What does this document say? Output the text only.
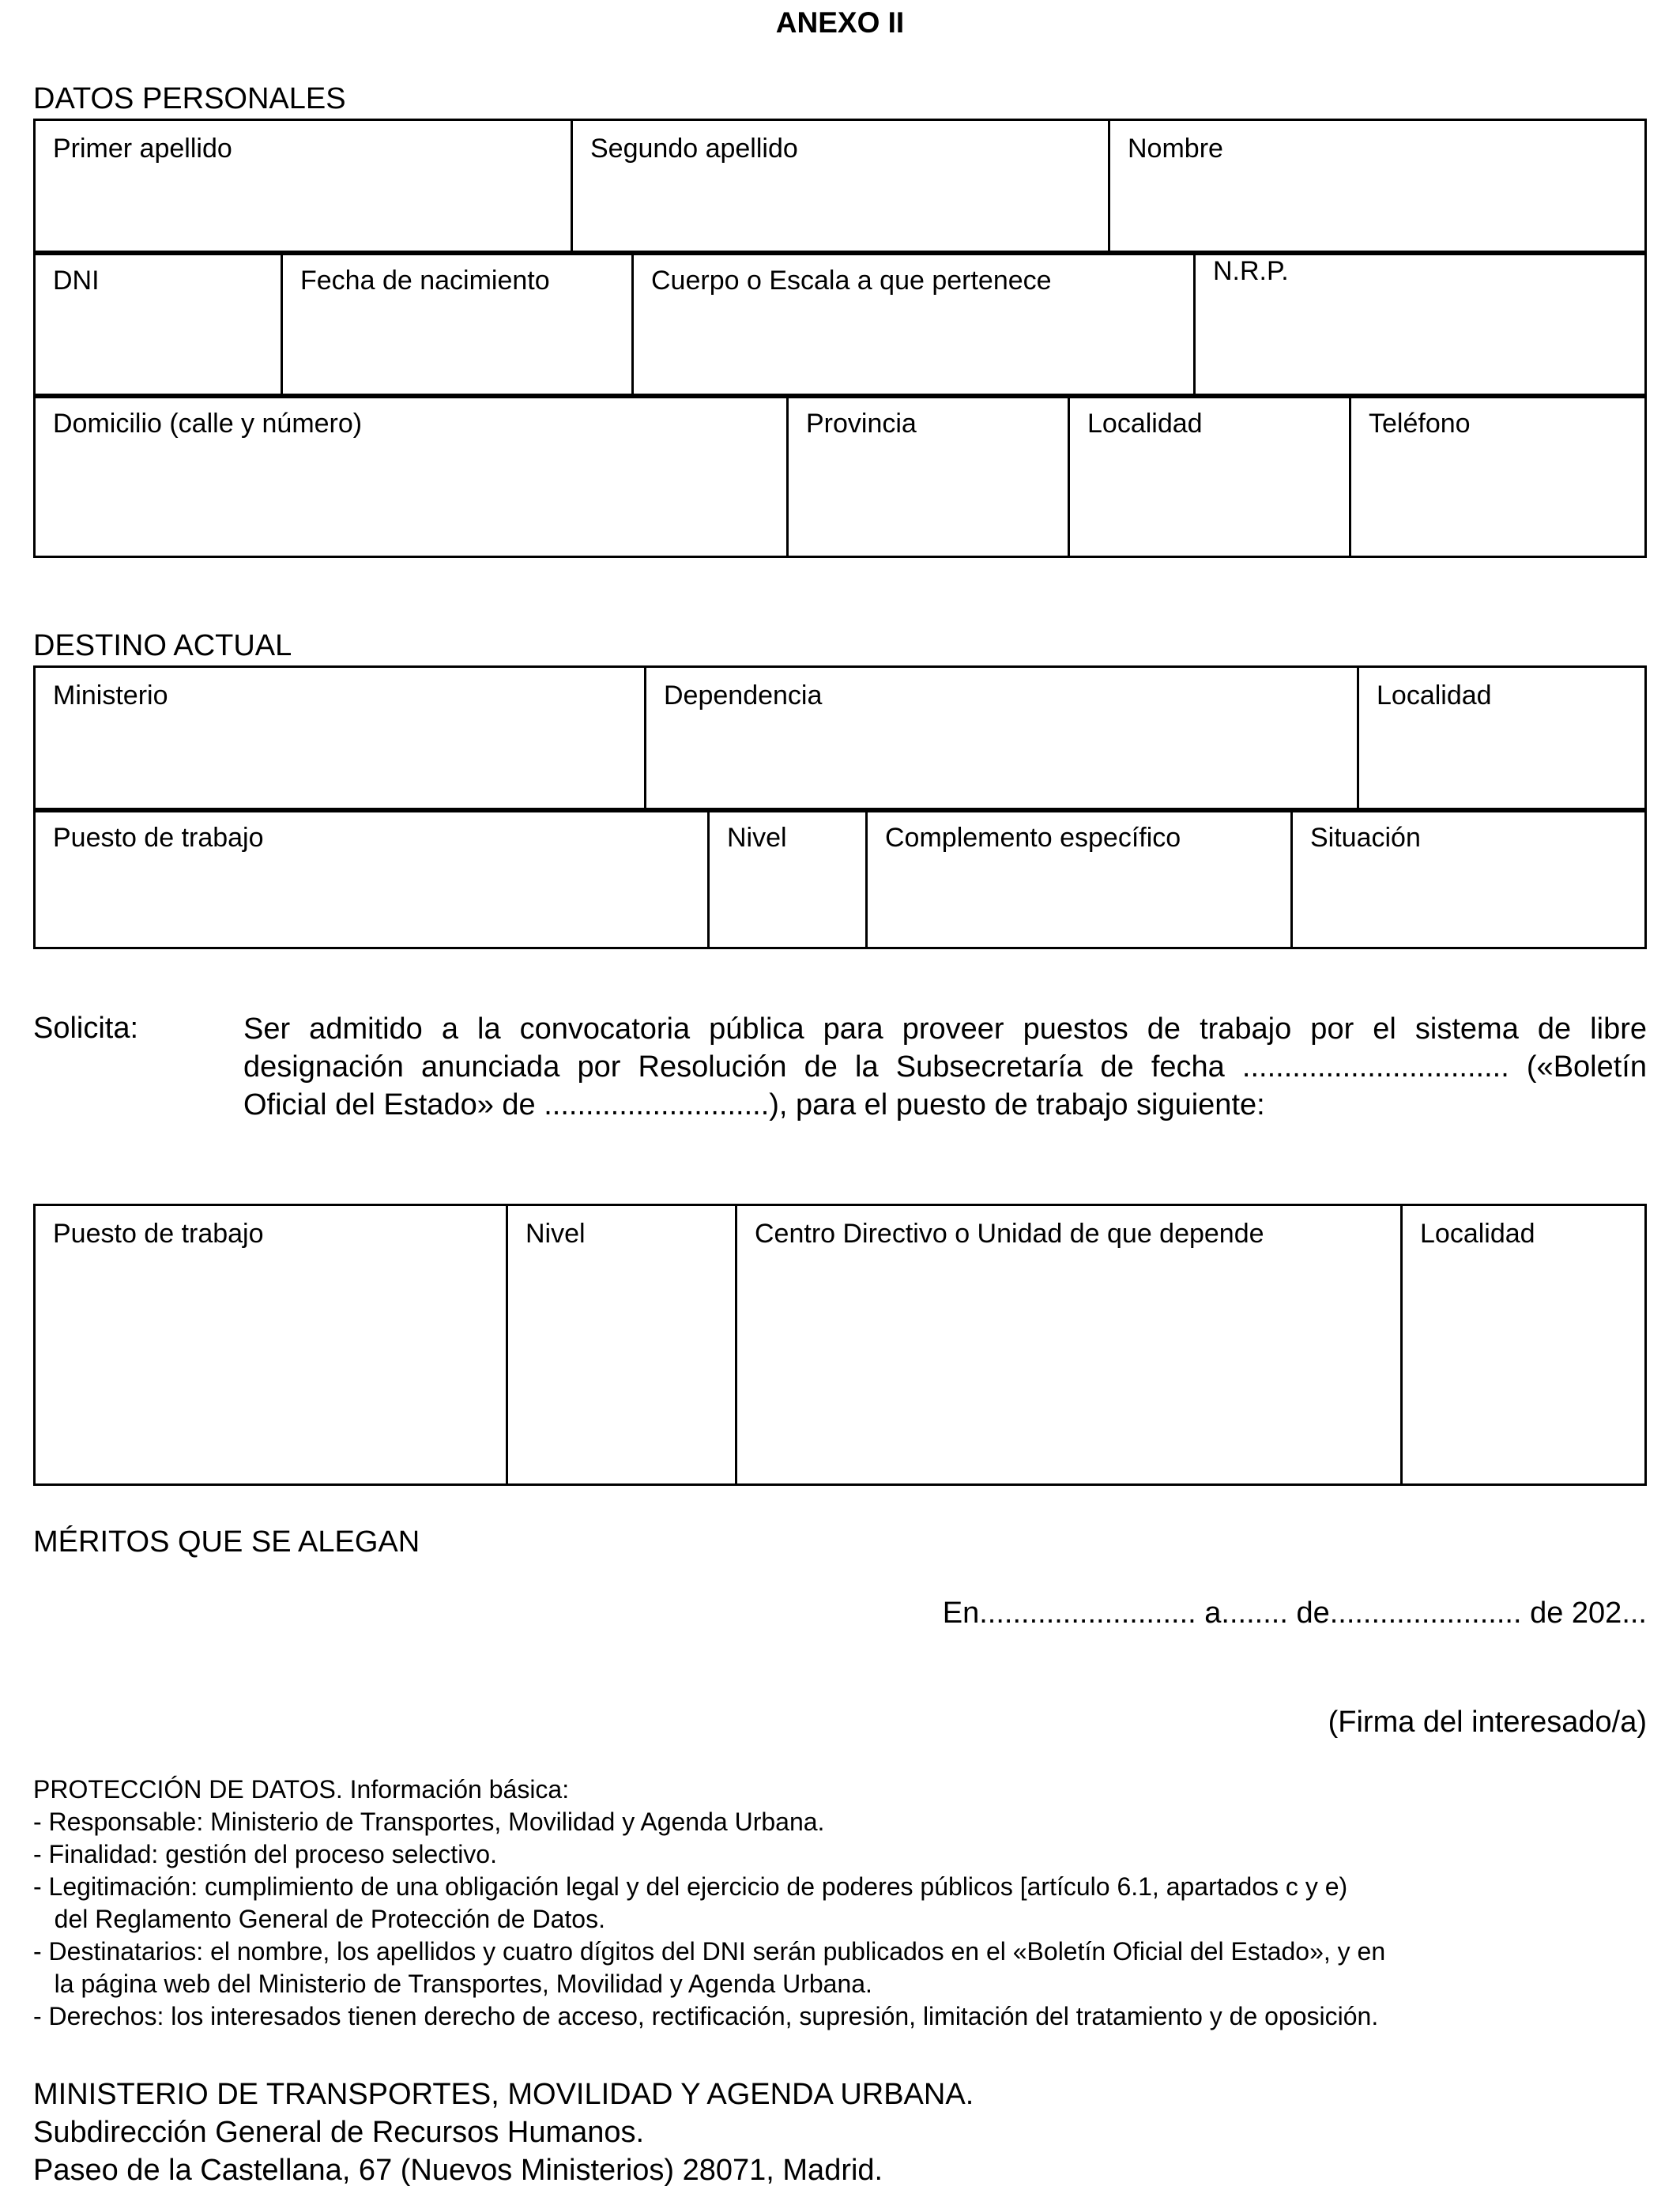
ANEXO II
DATOS PERSONALES
Primer apellido	Segundo apellido	Nombre
DNI	Fecha de nacimiento	Cuerpo o Escala a que pertenece	N.R.P.
Domicilio (calle y número)	Provincia	Localidad	Teléfono
DESTINO ACTUAL
Ministerio	Dependencia	Localidad
Puesto de trabajo	Nivel	Complemento específico	Situación
Solicita:	Ser admitido a la convocatoria pública para proveer puestos de trabajo por el sistema de libre designación anunciada por Resolución de la Subsecretaría de fecha ................................ («Boletín Oficial del Estado» de ...........................), para el puesto de trabajo siguiente:
Puesto de trabajo	Nivel	Centro Directivo o Unidad de que depende	Localidad
MÉRITOS QUE SE ALEGAN
En.......................... a........ de....................... de 202...
(Firma del interesado/a)
PROTECCIÓN DE DATOS. Información básica:
- Responsable: Ministerio de Transportes, Movilidad y Agenda Urbana.
- Finalidad: gestión del proceso selectivo.
- Legitimación: cumplimiento de una obligación legal y del ejercicio de poderes públicos [artículo 6.1, apartados c y e)
del Reglamento General de Protección de Datos.
- Destinatarios: el nombre, los apellidos y cuatro dígitos del DNI serán publicados en el «Boletín Oficial del Estado», y en
la página web del Ministerio de Transportes, Movilidad y Agenda Urbana.
- Derechos: los interesados tienen derecho de acceso, rectificación, supresión, limitación del tratamiento y de oposición.
MINISTERIO DE TRANSPORTES, MOVILIDAD Y AGENDA URBANA.
Subdirección General de Recursos Humanos.
Paseo de la Castellana, 67 (Nuevos Ministerios) 28071, Madrid.
